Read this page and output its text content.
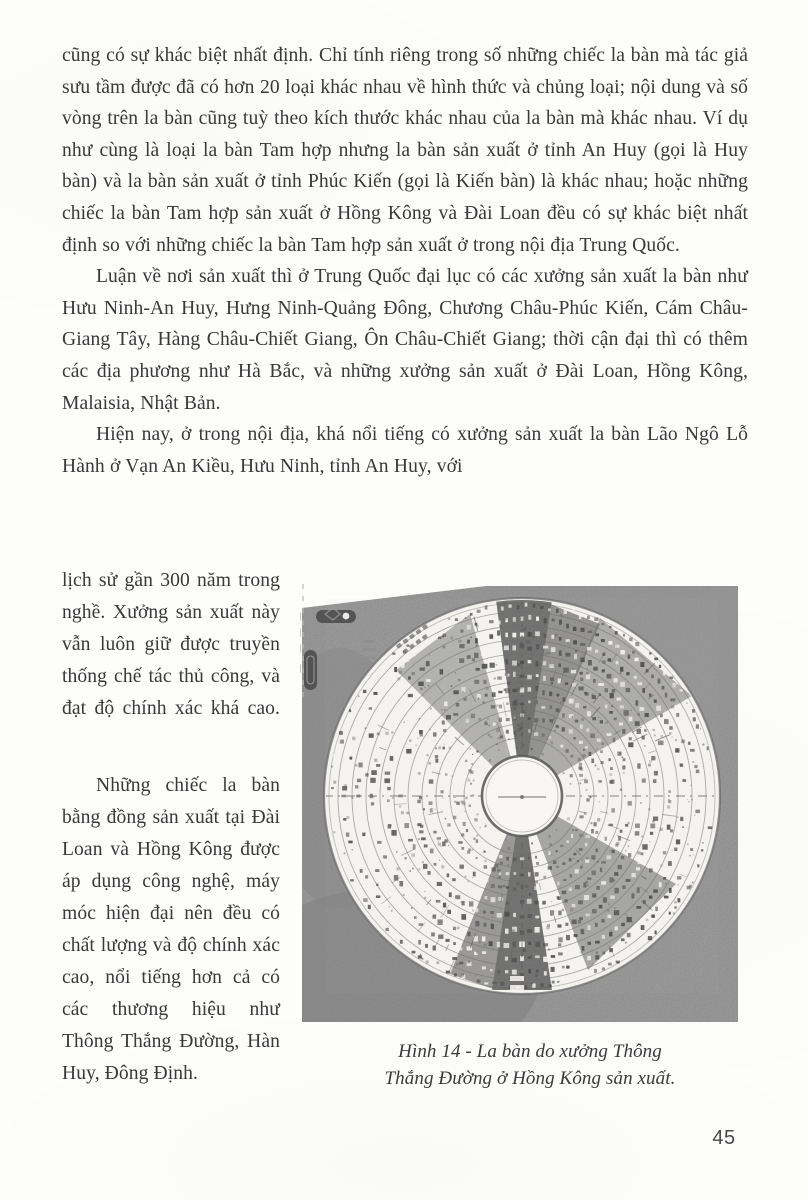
cũng có sự khác biệt nhất định. Chỉ tính riêng trong số những chiếc la bàn mà tác giả sưu tầm được đã có hơn 20 loại khác nhau về hình thức và chủng loại; nội dung và số vòng trên la bàn cũng tuỳ theo kích thước khác nhau của la bàn mà khác nhau. Ví dụ như cùng là loại la bàn Tam hợp nhưng la bàn sản xuất ở tỉnh An Huy (gọi là Huy bàn) và la bàn sản xuất ở tỉnh Phúc Kiến (gọi là Kiến bàn) là khác nhau; hoặc những chiếc la bàn Tam hợp sản xuất ở Hồng Kông và Đài Loan đều có sự khác biệt nhất định so với những chiếc la bàn Tam hợp sản xuất ở trong nội địa Trung Quốc.

Luận về nơi sản xuất thì ở Trung Quốc đại lục có các xưởng sản xuất la bàn như Hưu Ninh-An Huy, Hưng Ninh-Quảng Đông, Chương Châu-Phúc Kiến, Cám Châu-Giang Tây, Hàng Châu-Chiết Giang, Ôn Châu-Chiết Giang; thời cận đại thì có thêm các địa phương như Hà Bắc, và những xưởng sản xuất ở Đài Loan, Hồng Kông, Malaisia, Nhật Bản.

Hiện nay, ở trong nội địa, khá nổi tiếng có xưởng sản xuất la bàn Lão Ngô Lỗ Hành ở Vạn An Kiều, Hưu Ninh, tỉnh An Huy, với

lịch sử gần 300 năm trong nghề. Xưởng sản xuất này vẫn luôn giữ được truyền thống chế tác thủ công, và đạt độ chính xác khá cao.

Những chiếc la bàn bằng đồng sản xuất tại Đài Loan và Hồng Kông được áp dụng công nghệ, máy móc hiện đại nên đều có chất lượng và độ chính xác cao, nổi tiếng hơn cả có các thương hiệu như Thông Thắng Đường, Hàn Huy, Đông Định.

Hình 14 - La bàn do xưởng Thông
Thắng Đường ở Hồng Kông sản xuất.
45
